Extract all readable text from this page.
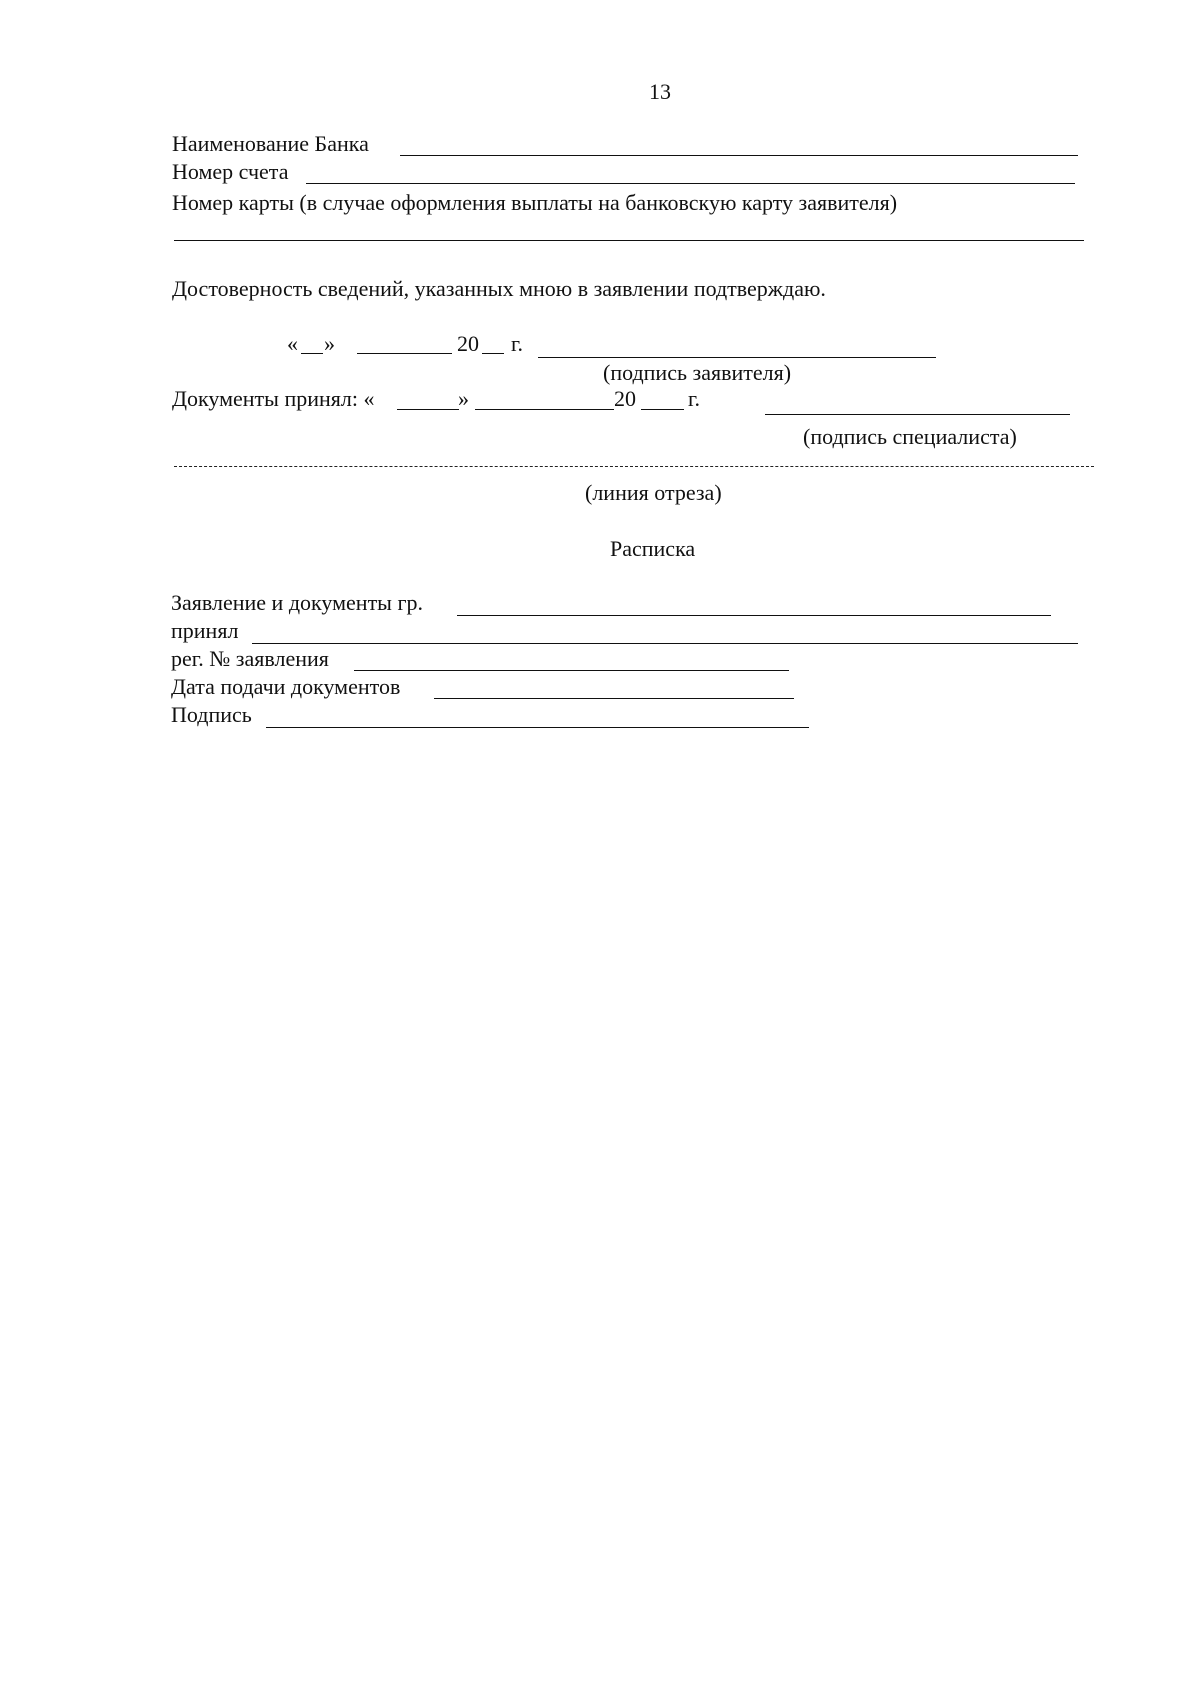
13
Наименование Банка
Номер счета
Номер карты (в случае оформления выплаты на банковскую карту заявителя)
Достоверность сведений, указанных мною в заявлении подтверждаю.
« »	20 г.
(подпись заявителя)
Документы принял: «	»	20 г.
(подпись специалиста)
(линия отреза)
Расписка
Заявление и документы гр.
принял
рег. № заявления
Дата подачи документов
Подпись
